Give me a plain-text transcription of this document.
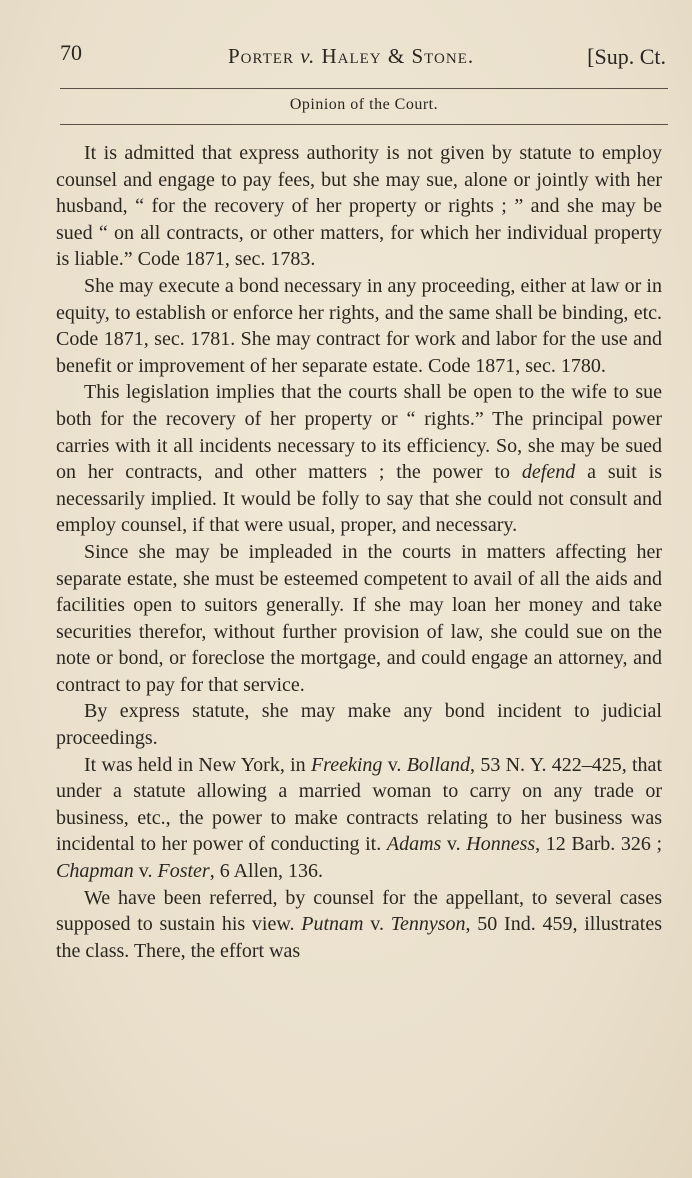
70	Porter v. Haley & Stone.	[Sup. Ct.
Opinion of the Court.

It is admitted that express authority is not given by statute to employ counsel and engage to pay fees, but she may sue, alone or jointly with her husband, “ for the recovery of her property or rights ; ” and she may be sued “ on all contracts, or other matters, for which her individual property is liable.” Code 1871, sec. 1783.

She may execute a bond necessary in any proceeding, either at law or in equity, to establish or enforce her rights, and the same shall be binding, etc. Code 1871, sec. 1781. She may contract for work and labor for the use and benefit or improvement of her separate estate. Code 1871, sec. 1780.

This legislation implies that the courts shall be open to the wife to sue both for the recovery of her property or “ rights.” The principal power carries with it all incidents necessary to its efficiency. So, she may be sued on her contracts, and other matters ; the power to defend a suit is necessarily implied. It would be folly to say that she could not consult and employ counsel, if that were usual, proper, and necessary.

Since she may be impleaded in the courts in matters affecting her separate estate, she must be esteemed competent to avail of all the aids and facilities open to suitors generally. If she may loan her money and take securities therefor, without further provision of law, she could sue on the note or bond, or foreclose the mortgage, and could engage an attorney, and contract to pay for that service.

By express statute, she may make any bond incident to judicial proceedings.

It was held in New York, in Freeking v. Bolland, 53 N. Y. 422–425, that under a statute allowing a married woman to carry on any trade or business, etc., the power to make contracts relating to her business was incidental to her power of conducting it. Adams v. Honness, 12 Barb. 326 ; Chapman v. Foster, 6 Allen, 136.

We have been referred, by counsel for the appellant, to several cases supposed to sustain his view. Putnam v. Tennyson, 50 Ind. 459, illustrates the class. There, the effort was
